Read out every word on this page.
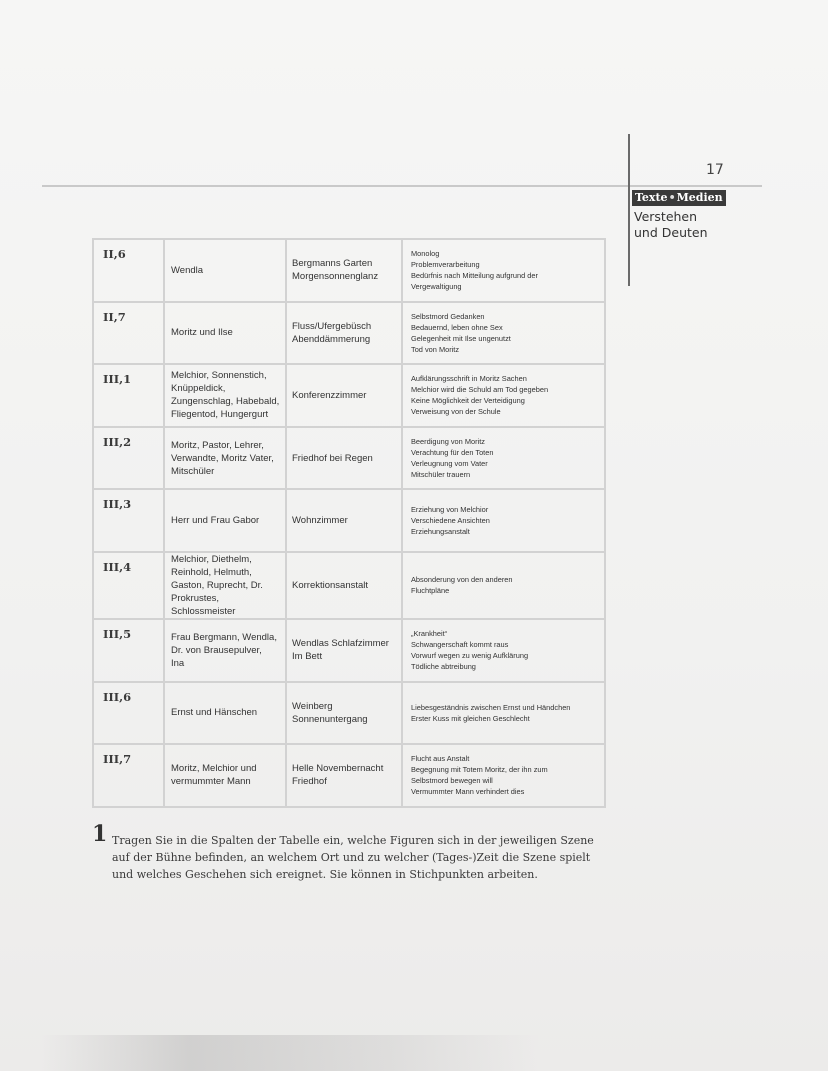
17
Texte•Medien
Verstehen
und Deuten
II,6	Wendla	Bergmanns Garten
Morgensonnenglanz	Monolog
Problemverarbeitung
Bedürfnis nach Mitteilung aufgrund der
Vergewaltigung

II,7	Moritz und Ilse	Fluss/Ufergebüsch
Abenddämmerung	Selbstmord Gedanken
Bedauernd, leben ohne Sex
Gelegenheit mit Ilse ungenutzt
Tod von Moritz

III,1	Melchior, Sonnenstich,
Knüppeldick,
Zungenschlag, Habebald,
Fliegentod, Hungergurt	Konferenzzimmer	Aufklärungsschrift in Moritz Sachen
Melchior wird die Schuld am Tod gegeben
Keine Möglichkeit der Verteidigung
Verweisung von der Schule

III,2	Moritz, Pastor, Lehrer,
Verwandte, Moritz Vater,
Mitschüler	Friedhof bei Regen	Beerdigung von Moritz
Verachtung für den Toten
Verleugnung vom Vater
Mitschüler trauern

III,3	Herr und Frau Gabor	Wohnzimmer	Erziehung von Melchior
Verschiedene Ansichten
Erziehungsanstalt

III,4	Melchior, Diethelm,
Reinhold, Helmuth,
Gaston, Ruprecht, Dr.
Prokrustes, Schlossmeister	Korrektionsanstalt	Absonderung von den anderen
Fluchtpläne

III,5	Frau Bergmann, Wendla,
Dr. von Brausepulver,
Ina	Wendlas Schlafzimmer
Im Bett	„Krankheit“
Schwangerschaft kommt raus
Vorwurf wegen zu wenig Aufklärung
Tödliche abtreibung

III,6	Ernst und Hänschen	Weinberg
Sonnenuntergang	Liebesgeständnis zwischen Ernst und Händchen
Erster Kuss mit gleichen Geschlecht

III,7	Moritz, Melchior und
vermummter Mann	Helle Novembernacht
Friedhof	Flucht aus Anstalt
Begegnung mit Totem Moritz, der ihn zum
Selbstmord bewegen will
Vermummter Mann verhindert dies
1 Tragen Sie in die Spalten der Tabelle ein, welche Figuren sich in der jeweiligen Szene auf der Bühne befinden, an welchem Ort und zu welcher (Tages-)Zeit die Szene spielt und welches Geschehen sich ereignet. Sie können in Stichpunkten arbeiten.
